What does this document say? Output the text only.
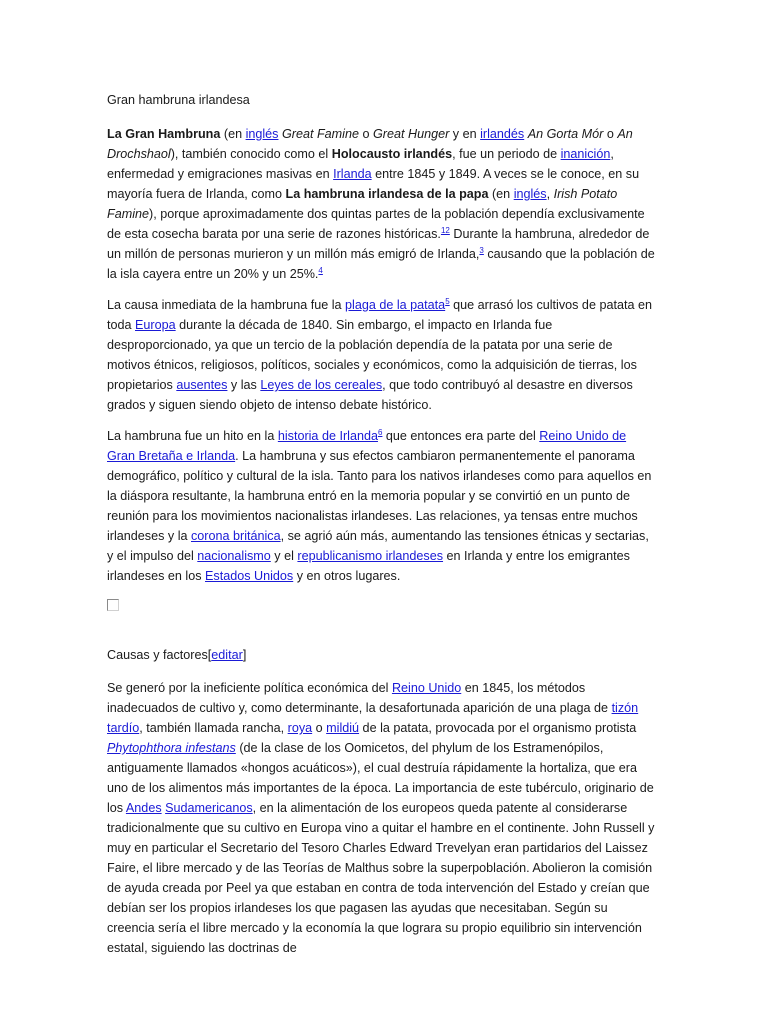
Gran hambruna irlandesa

La Gran Hambruna (en inglés Great Famine o Great Hunger y en irlandés An Gorta Mór o An Drochshaol), también conocido como el Holocausto irlandés, fue un periodo de inanición, enfermedad y emigraciones masivas en Irlanda entre 1845 y 1849. A veces se le conoce, en su mayoría fuera de Irlanda, como La hambruna irlandesa de la papa (en inglés, Irish Potato Famine), porque aproximadamente dos quintas partes de la población dependía exclusivamente de esta cosecha barata por una serie de razones históricas.$^{12}$ Durante la hambruna, alrededor de un millón de personas murieron y un millón más emigró de Irlanda,$^3$ causando que la población de la isla cayera entre un 20% y un 25%.$^4$

La causa inmediata de la hambruna fue la plaga de la patata$^5$ que arrasó los cultivos de patata en toda Europa durante la década de 1840. Sin embargo, el impacto en Irlanda fue desproporcionado, ya que un tercio de la población dependía de la patata por una serie de motivos étnicos, religiosos, políticos, sociales y económicos, como la adquisición de tierras, los propietarios ausentes y las Leyes de los cereales, que todo contribuyó al desastre en diversos grados y siguen siendo objeto de intenso debate histórico.

La hambruna fue un hito en la historia de Irlanda$^6$ que entonces era parte del Reino Unido de Gran Bretaña e Irlanda. La hambruna y sus efectos cambiaron permanentemente el panorama demográfico, político y cultural de la isla. Tanto para los nativos irlandeses como para aquellos en la diáspora resultante, la hambruna entró en la memoria popular y se convirtió en un punto de reunión para los movimientos nacionalistas irlandeses. Las relaciones, ya tensas entre muchos irlandeses y la corona británica, se agrió aún más, aumentando las tensiones étnicas y sectarias, y el impulso del nacionalismo y el republicanismo irlandeses en Irlanda y entre los emigrantes irlandeses en los Estados Unidos y en otros lugares.

Causas y factores[editar]

Se generó por la ineficiente política económica del Reino Unido en 1845, los métodos inadecuados de cultivo y, como determinante, la desafortunada aparición de una plaga de tizón tardío, también llamada rancha, roya o mildiú de la patata, provocada por el organismo protista Phytophthora infestans (de la clase de los Oomicetos, del phylum de los Estramenópilos, antiguamente llamados «hongos acuáticos»), el cual destruía rápidamente la hortaliza, que era uno de los alimentos más importantes de la época. La importancia de este tubérculo, originario de los Andes Sudamericanos, en la alimentación de los europeos queda patente al considerarse tradicionalmente que su cultivo en Europa vino a quitar el hambre en el continente. John Russell y muy en particular el Secretario del Tesoro Charles Edward Trevelyan eran partidarios del Laissez Faire, el libre mercado y de las Teorías de Malthus sobre la superpoblación. Abolieron la comisión de ayuda creada por Peel ya que estaban en contra de toda intervención del Estado y creían que debían ser los propios irlandeses los que pagasen las ayudas que necesitaban. Según su creencia sería el libre mercado y la economía la que lograra su propio equilibrio sin intervención estatal, siguiendo las doctrinas de
